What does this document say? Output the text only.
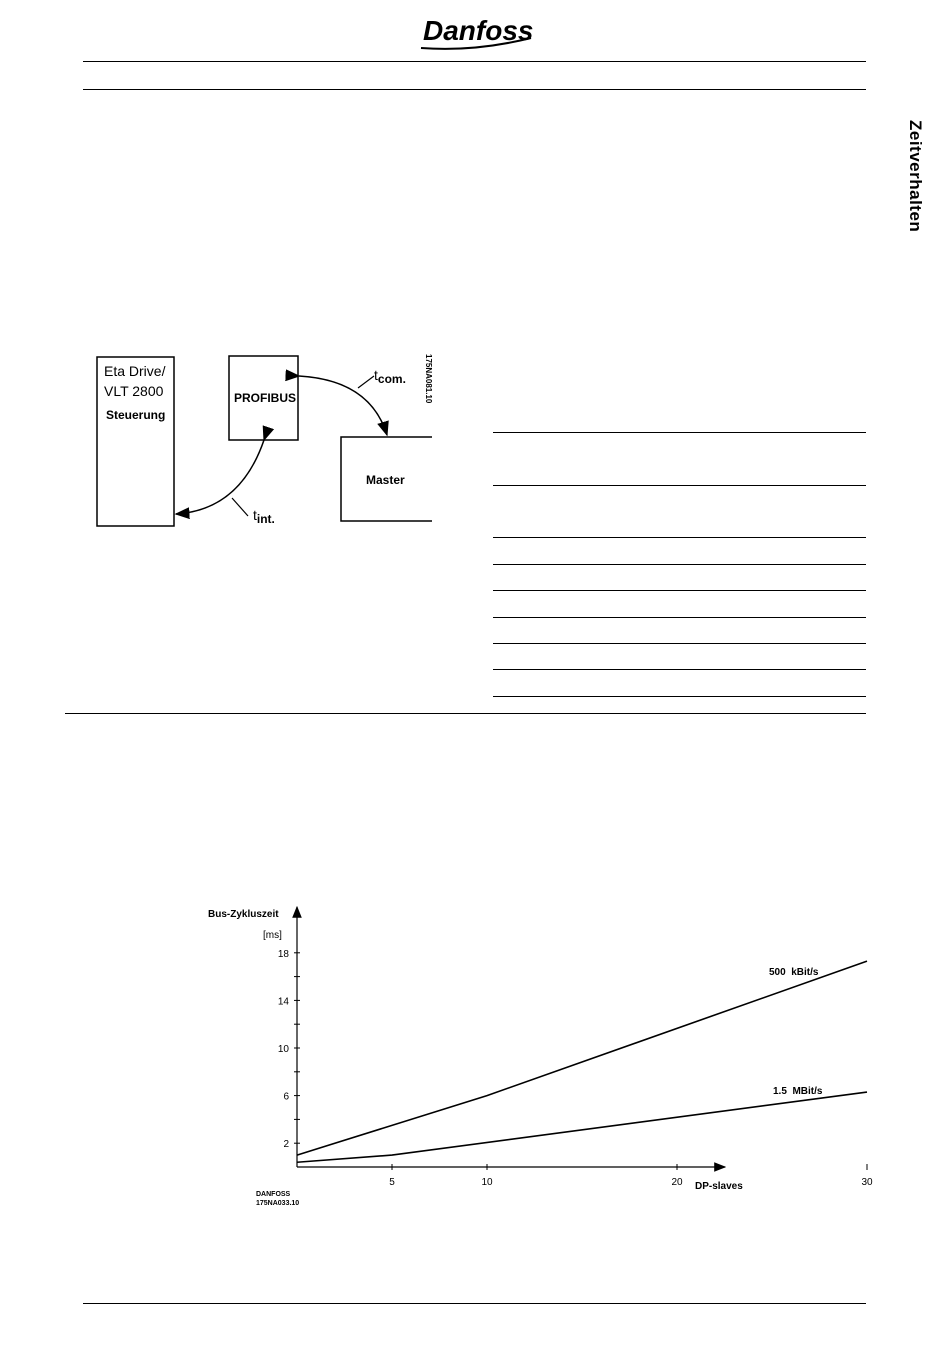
Danfoss
Zeitverhalten
Eta Drive/
VLT 2800
Steuerung
PROFIBUS
Master
tcom.
tint.
175NA081.10
2
6
10
14
18
5	10	20	30
500  kBit/s
1.5  MBit/s
Bus-Zykluszeit
[ms]
DP-slaves
DANFOSS
175NA033.10
